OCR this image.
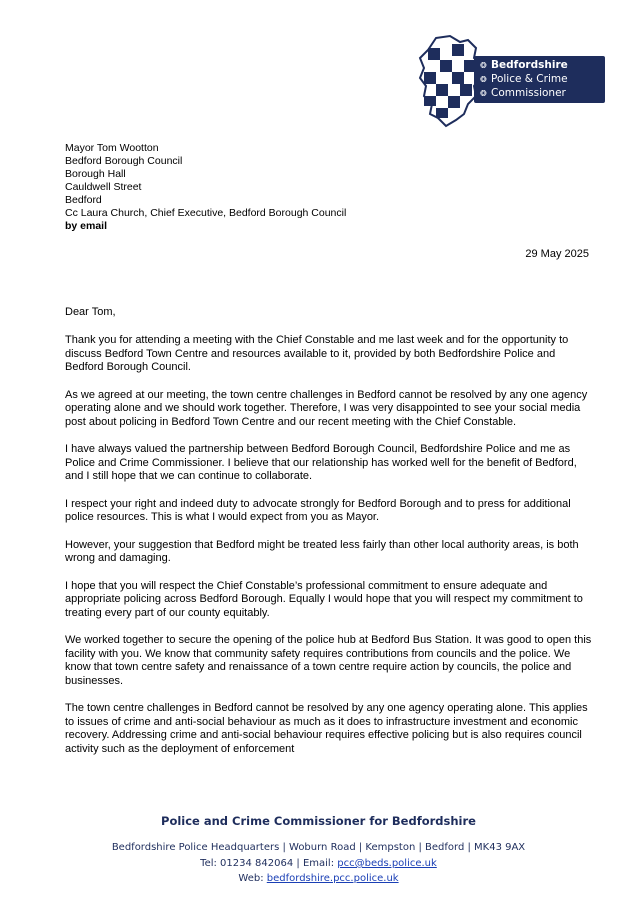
❂ Bedfordshire
❂ Police & Crime
❂ Commissioner
Mayor Tom Wootton
Bedford Borough Council
Borough Hall
Cauldwell Street
Bedford
Cc Laura Church, Chief Executive, Bedford Borough Council
by email
29 May 2025
Dear Tom,

Thank you for attending a meeting with the Chief Constable and me last week and for the opportunity to discuss Bedford Town Centre and resources available to it, provided by both Bedfordshire Police and Bedford Borough Council.

As we agreed at our meeting, the town centre challenges in Bedford cannot be resolved by any one agency operating alone and we should work together. Therefore, I was very disappointed to see your social media post about policing in Bedford Town Centre and our recent meeting with the Chief Constable.

I have always valued the partnership between Bedford Borough Council, Bedfordshire Police and me as Police and Crime Commissioner. I believe that our relationship has worked well for the benefit of Bedford, and I still hope that we can continue to collaborate.

I respect your right and indeed duty to advocate strongly for Bedford Borough and to press for additional police resources. This is what I would expect from you as Mayor.

However, your suggestion that Bedford might be treated less fairly than other local authority areas, is both wrong and damaging.

I hope that you will respect the Chief Constable’s professional commitment to ensure adequate and appropriate policing across Bedford Borough. Equally I would hope that you will respect my commitment to treating every part of our county equitably.

We worked together to secure the opening of the police hub at Bedford Bus Station. It was good to open this facility with you. We know that community safety requires contributions from councils and the police. We know that town centre safety and renaissance of a town centre require action by councils, the police and businesses.

The town centre challenges in Bedford cannot be resolved by any one agency operating alone. This applies to issues of crime and anti-social behaviour as much as it does to infrastructure investment and economic recovery. Addressing crime and anti-social behaviour requires effective policing but is also requires council activity such as the deployment of enforcement

Police and Crime Commissioner for Bedfordshire
Bedfordshire Police Headquarters | Woburn Road | Kempston | Bedford | MK43 9AX
Tel: 01234 842064 | Email: pcc@beds.police.uk
Web: bedfordshire.pcc.police.uk
